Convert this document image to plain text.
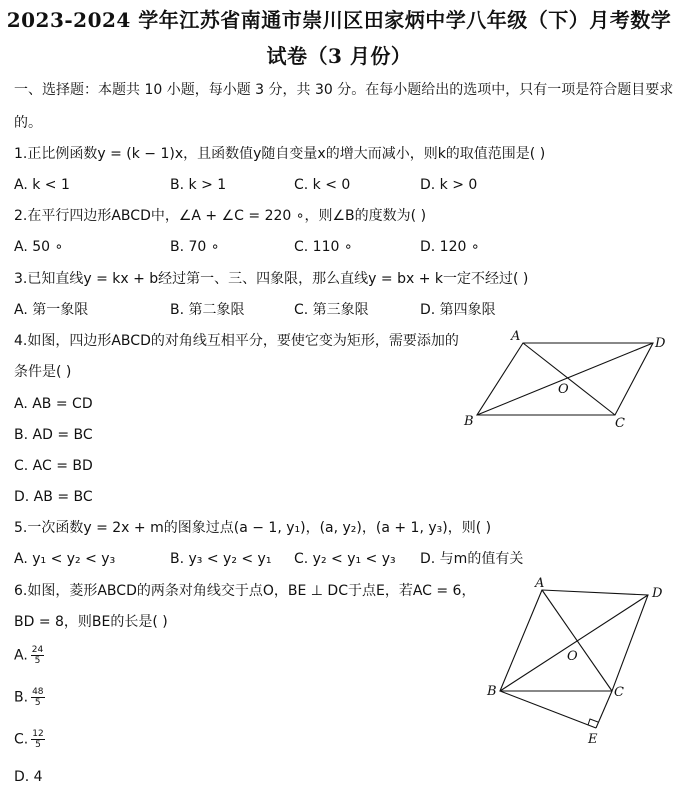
2023-2024 学年江苏省南通市崇川区田家炳中学八年级（下）月考数学
试卷（3 月份）
一、选择题：本题共 10 小题，每小题 3 分，共 30 分。在每小题给出的选项中，只有一项是符合题目要求
的。
1.正比例函数y = (k − 1)x，且函数值y随自变量x的增大而减小，则k的取值范围是( )
A. k < 1	B. k > 1	C. k < 0	D. k > 0
2.在平行四边形ABCD中，∠A + ∠C = 220 ∘，则∠B的度数为( )
A. 50 ∘	B. 70 ∘	C. 110 ∘	D. 120 ∘
3.已知直线y = kx + b经过第一、三、四象限，那么直线y = bx + k一定不经过( )
A. 第一象限	B. 第二象限	C. 第三象限	D. 第四象限
4.如图，四边形ABCD的对角线互相平分，要使它变为矩形，需要添加的
条件是( )
A. AB = CD
B. AD = BC
C. AC = BD
D. AB = BC
A	D
O
B	C
5.一次函数y = 2x + m的图象过点(a − 1, y₁)，(a, y₂)，(a + 1, y₃)，则( )
A. y₁ < y₂ < y₃	B. y₃ < y₂ < y₁ C. y₂ < y₁ < y₃ D. 与m的值有关
6.如图，菱形ABCD的两条对角线交于点O，BE ⊥ DC于点E，若AC = 6，
BD = 8，则BE的长是( )
A. $\frac{24}{5}$
B. $\frac{48}{5}$
C. $\frac{12}{5}$
D. 4
A
D
O
B	C
E
